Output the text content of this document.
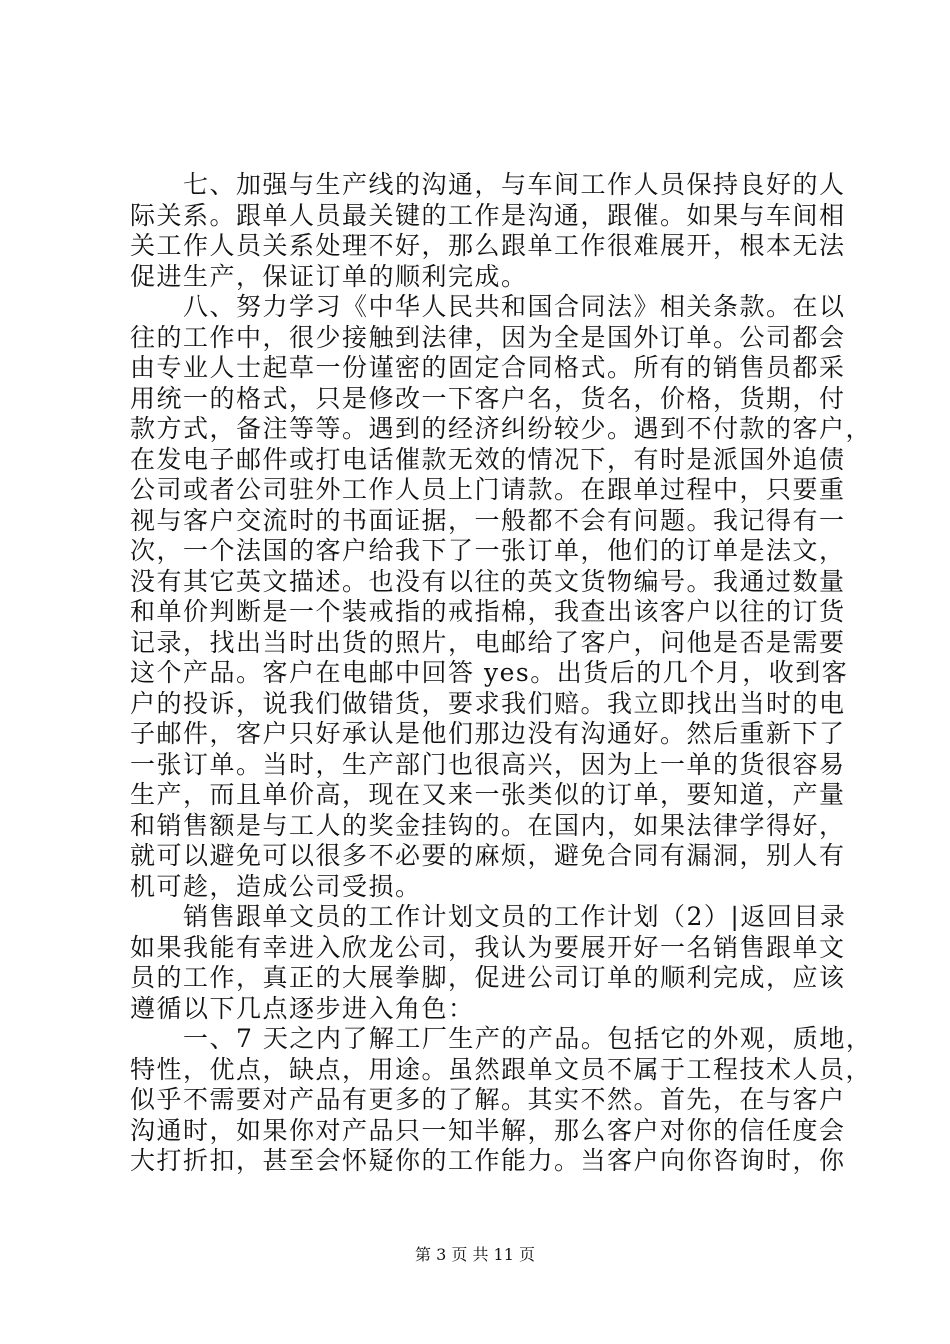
　　七、加强与生产线的沟通，与车间工作人员保持良好的人
际关系。跟单人员最关键的工作是沟通，跟催。如果与车间相
关工作人员关系处理不好，那么跟单工作很难展开，根本无法
促进生产，保证订单的顺利完成。
　　八、努力学习《中华人民共和国合同法》相关条款。在以
往的工作中，很少接触到法律，因为全是国外订单。公司都会
由专业人士起草一份谨密的固定合同格式。所有的销售员都采
用统一的格式，只是修改一下客户名，货名，价格，货期，付
款方式，备注等等。遇到的经济纠纷较少。遇到不付款的客户，
在发电子邮件或打电话催款无效的情况下，有时是派国外追债
公司或者公司驻外工作人员上门请款。在跟单过程中，只要重
视与客户交流时的书面证据，一般都不会有问题。我记得有一
次，一个法国的客户给我下了一张订单，他们的订单是法文，
没有其它英文描述。也没有以往的英文货物编号。我通过数量
和单价判断是一个装戒指的戒指棉，我查出该客户以往的订货
记录，找出当时出货的照片，电邮给了客户，问他是否是需要
这个产品。客户在电邮中回答 yes。出货后的几个月，收到客
户的投诉，说我们做错货，要求我们赔。我立即找出当时的电
子邮件，客户只好承认是他们那边没有沟通好。然后重新下了
一张订单。当时，生产部门也很高兴，因为上一单的货很容易
生产，而且单价高，现在又来一张类似的订单，要知道，产量
和销售额是与工人的奖金挂钩的。在国内，如果法律学得好，
就可以避免可以很多不必要的麻烦，避免合同有漏洞，别人有
机可趁，造成公司受损。
　　销售跟单文员的工作计划文员的工作计划（2）|返回目录
如果我能有幸进入欣龙公司，我认为要展开好一名销售跟单文
员的工作，真正的大展拳脚，促进公司订单的顺利完成，应该
遵循以下几点逐步进入角色：
　　一、7 天之内了解工厂生产的产品。包括它的外观，质地，
特性，优点，缺点，用途。虽然跟单文员不属于工程技术人员，
似乎不需要对产品有更多的了解。其实不然。首先，在与客户
沟通时，如果你对产品只一知半解，那么客户对你的信任度会
大打折扣，甚至会怀疑你的工作能力。当客户向你咨询时，你
第 3 页 共 11 页
